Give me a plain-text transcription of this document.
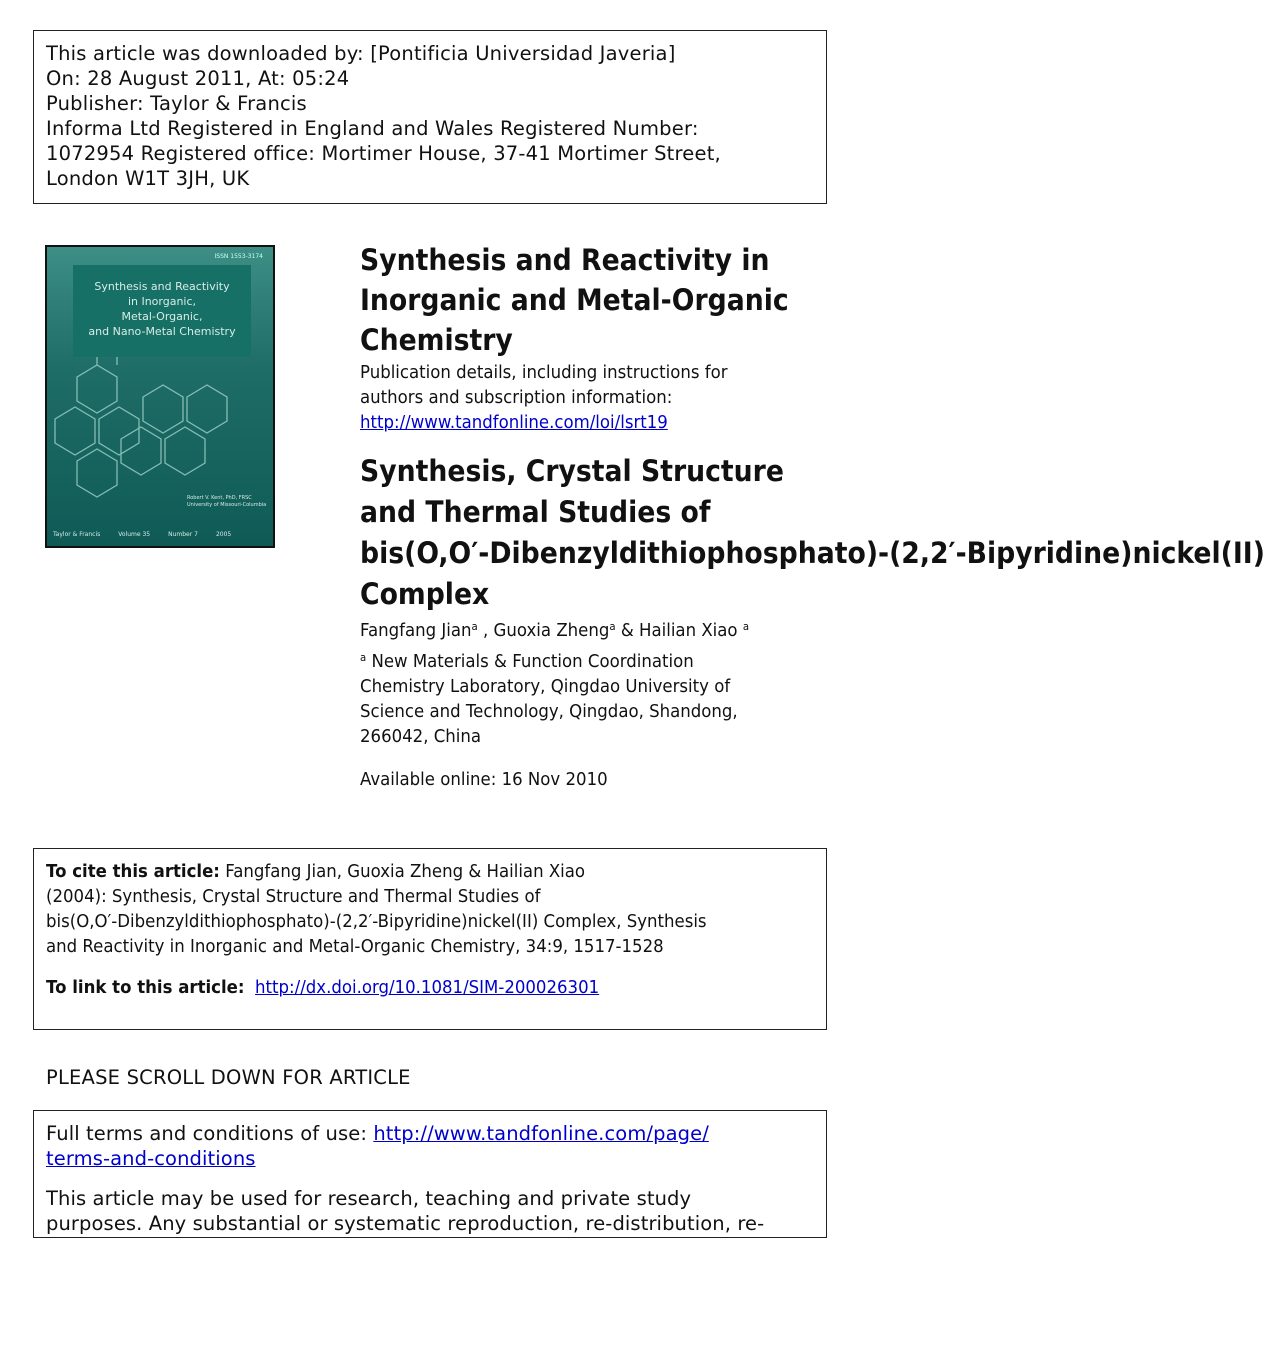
This article was downloaded by: [Pontificia Universidad Javeria]
On: 28 August 2011, At: 05:24
Publisher: Taylor & Francis
Informa Ltd Registered in England and Wales Registered Number:
1072954 Registered office: Mortimer House, 37-41 Mortimer Street,
London W1T 3JH, UK
ISSN 1553-3174
Synthesis and Reactivity
in Inorganic,
Metal-Organic,
and Nano-Metal Chemistry
Robert V. Kent, PhD, FRSC
University of Missouri-Columbia
Taylor & Francis	Volume 35	Number 7	2005
Synthesis and Reactivity in
Inorganic and Metal-Organic
Chemistry
Publication details, including instructions for
authors and subscription information:
http://www.tandfonline.com/loi/lsrt19
Synthesis, Crystal Structure
and Thermal Studies of
bis(O,O′-Dibenzyldithiophosphato)-(2,2′-Bipyridine)nickel(II)
Complex
Fangfang Jian$^a$ , Guoxia Zheng$^a$ & Hailian Xiao $^a$
$^a$ New Materials & Function Coordination
Chemistry Laboratory, Qingdao University of
Science and Technology, Qingdao, Shandong,
266042, China
Available online: 16 Nov 2010
To cite this article: Fangfang Jian, Guoxia Zheng & Hailian Xiao
(2004): Synthesis, Crystal Structure and Thermal Studies of
bis(O,O′-Dibenzyldithiophosphato)-(2,2′-Bipyridine)nickel(II) Complex, Synthesis
and Reactivity in Inorganic and Metal-Organic Chemistry, 34:9, 1517-1528
To link to this article: http://dx.doi.org/10.1081/SIM-200026301
PLEASE SCROLL DOWN FOR ARTICLE
Full terms and conditions of use: http://www.tandfonline.com/page/
terms-and-conditions
This article may be used for research, teaching and private study
purposes. Any substantial or systematic reproduction, re-distribution, re-
